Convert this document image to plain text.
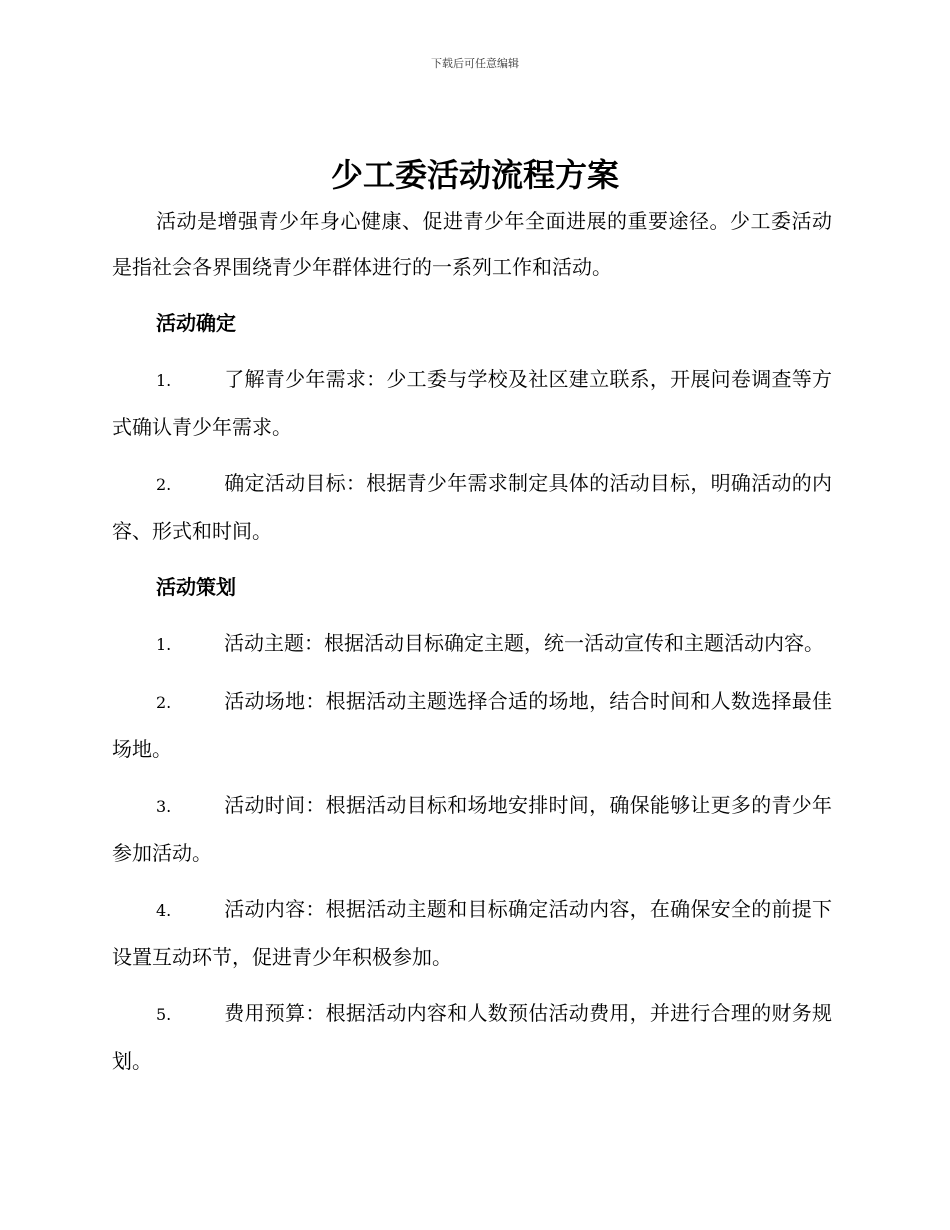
下载后可任意编辑
少工委活动流程方案

活动是增强青少年身心健康、促进青少年全面进展的重要途径。少工委活动是指社会各界围绕青少年群体进行的一系列工作和活动。

活动确定

1.	了解青少年需求：少工委与学校及社区建立联系，开展问卷调查等方式确认青少年需求。

2.	确定活动目标：根据青少年需求制定具体的活动目标，明确活动的内容、形式和时间。

活动策划

1.	活动主题：根据活动目标确定主题，统一活动宣传和主题活动内容。

2.	活动场地：根据活动主题选择合适的场地，结合时间和人数选择最佳场地。

3.	活动时间：根据活动目标和场地安排时间，确保能够让更多的青少年参加活动。

4.	活动内容：根据活动主题和目标确定活动内容，在确保安全的前提下设置互动环节，促进青少年积极参加。

5.	费用预算：根据活动内容和人数预估活动费用，并进行合理的财务规划。
